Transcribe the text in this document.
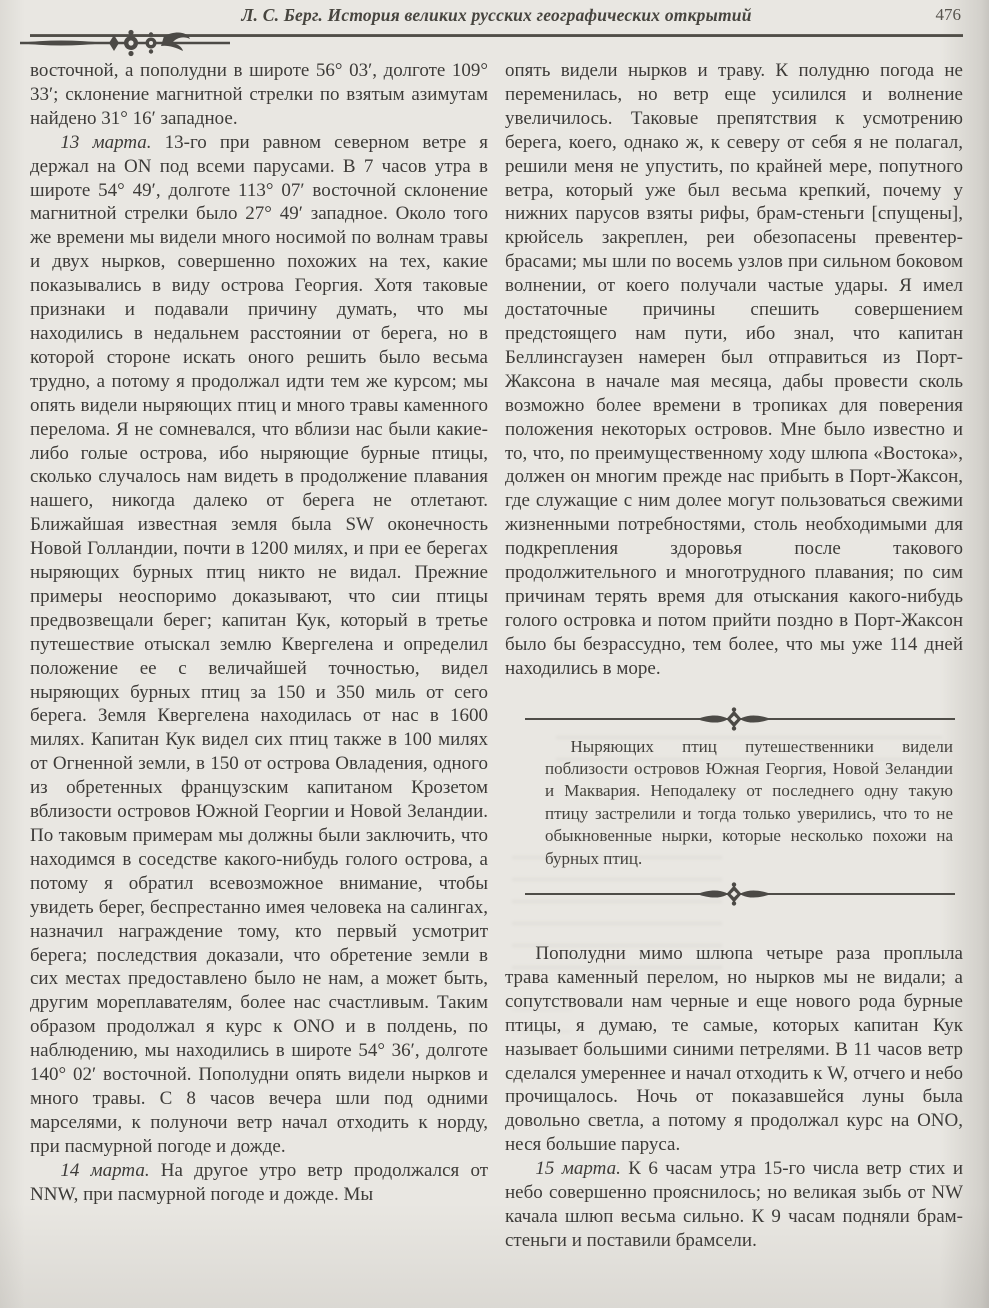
Л. С. Берг. История великих русских географических открытий	476

восточной, а пополудни в широте 56° 03′, долготе 109° 33′; склонение магнитной стрелки по взятым азимутам найдено 31° 16′ западное.

13 марта. 13-го при равном северном ветре я держал на ON под всеми парусами. В 7 часов утра в широте 54° 49′, долготе 113° 07′ восточной склонение магнитной стрелки было 27° 49′ западное. Около того же времени мы видели много носимой по волнам травы и двух нырков, совершенно похожих на тех, какие показывались в виду острова Георгия. Хотя таковые признаки и подавали причину думать, что мы находились в недальнем расстоянии от берега, но в которой стороне искать оного решить было весьма трудно, а потому я продолжал идти тем же курсом; мы опять видели ныряющих птиц и много травы каменного перелома. Я не сомневался, что вблизи нас были какие-либо голые острова, ибо ныряющие бурные птицы, сколько случалось нам видеть в продолжение плавания нашего, никогда далеко от берега не отлетают. Ближайшая известная земля была SW оконечность Новой Голландии, почти в 1200 милях, и при ее берегах ныряющих бурных птиц никто не видал. Прежние примеры неоспоримо доказывают, что сии птицы предвозвещали берег; капитан Кук, который в третье путешествие отыскал землю Квергелена и определил положение ее с величайшей точностью, видел ныряющих бурных птиц за 150 и 350 миль от сего берега. Земля Квергелена находилась от нас в 1600 милях. Капитан Кук видел сих птиц также в 100 милях от Огненной земли, в 150 от острова Овладения, одного из обретенных французским капитаном Крозетом вблизости островов Южной Георгии и Новой Зеландии. По таковым примерам мы должны были заключить, что находимся в соседстве какого-нибудь голого острова, а потому я обратил всевозможное внимание, чтобы увидеть берег, беспрестанно имея человека на салингах, назначил награждение тому, кто первый усмотрит берега; последствия доказали, что обретение земли в сих местах предоставлено было не нам, а может быть, другим мореплавателям, более нас счастливым. Таким образом продолжал я курс к ONO и в полдень, по наблюдению, мы находились в широте 54° 36′, долготе 140° 02′ восточной. Пополудни опять видели нырков и много травы. С 8 часов вечера шли под одними марселями, к полуночи ветр начал отходить к норду, при пасмурной погоде и дожде.

14 марта. На другое утро ветр продолжался от NNW, при пасмурной погоде и дожде. Мы

опять видели нырков и траву. К полудню погода не переменилась, но ветр еще усилился и волнение увеличилось. Таковые препятствия к усмотрению берега, коего, однако ж, к северу от себя я не полагал, решили меня не упустить, по крайней мере, попутного ветра, который уже был весьма крепкий, почему у нижних парусов взяты рифы, брам-стеньги [спущены], крюйсель закреплен, реи обезопасены превентер-брасами; мы шли по восемь узлов при сильном боковом волнении, от коего получали частые удары. Я имел достаточные причины спешить совершением предстоящего нам пути, ибо знал, что капитан Беллинсгаузен намерен был отправиться из Порт-Жаксона в начале мая месяца, дабы провести сколь возможно более времени в тропиках для поверения положения некоторых островов. Мне было известно и то, что, по преимущественному ходу шлюпа «Востока», должен он многим прежде нас прибыть в Порт-Жаксон, где служащие с ним долее могут пользоваться свежими жизненными потребностями, столь необходимыми для подкрепления здоровья после такового продолжительного и многотрудного плавания; по сим причинам терять время для отыскания какого-нибудь голого островка и потом прийти поздно в Порт-Жаксон было бы безрассудно, тем более, что мы уже 114 дней находились в море.

Ныряющих птиц путешественники видели поблизости островов Южная Георгия, Новой Зеландии и Маквария. Неподалеку от последнего одну такую птицу застрелили и тогда только уверились, что то не обыкновенные нырки, которые несколько похожи на бурных птиц.

Пополудни мимо шлюпа четыре раза проплыла трава каменный перелом, но нырков мы не видали; а сопутствовали нам черные и еще нового рода бурные птицы, я думаю, те самые, которых капитан Кук называет большими синими петрелями. В 11 часов ветр сделался умереннее и начал отходить к W, отчего и небо прочищалось. Ночь от показавшейся луны была довольно светла, а потому я продолжал курс на ONO, неся большие паруса.

15 марта. К 6 часам утра 15-го числа ветр стих и небо совершенно прояснилось; но великая зыбь от NW качала шлюп весьма сильно. К 9 часам подняли брам-стеньги и поставили брамсели.
